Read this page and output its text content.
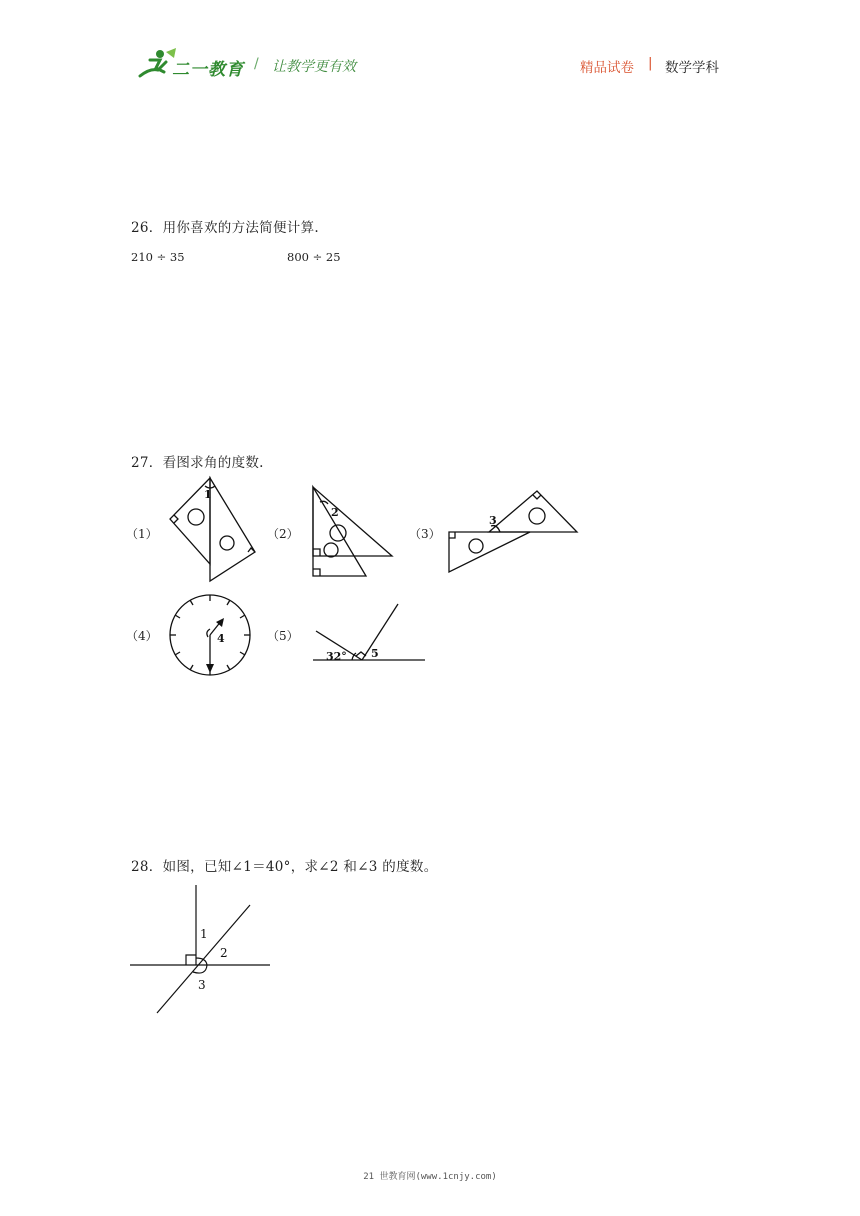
二一教育 / 让教学更有效	精品试卷 | 数学学科
26．用你喜欢的方法简便计算.
210 ÷ 35	800 ÷ 25
27．看图求角的度数.
（1）	（2）	（3）
（4）	（5）
1
2
3
4
5
32°
28．如图，已知∠1＝40°，求∠2 和∠3 的度数。
1
2
3
21 世教育网(www.1cnjy.com)
